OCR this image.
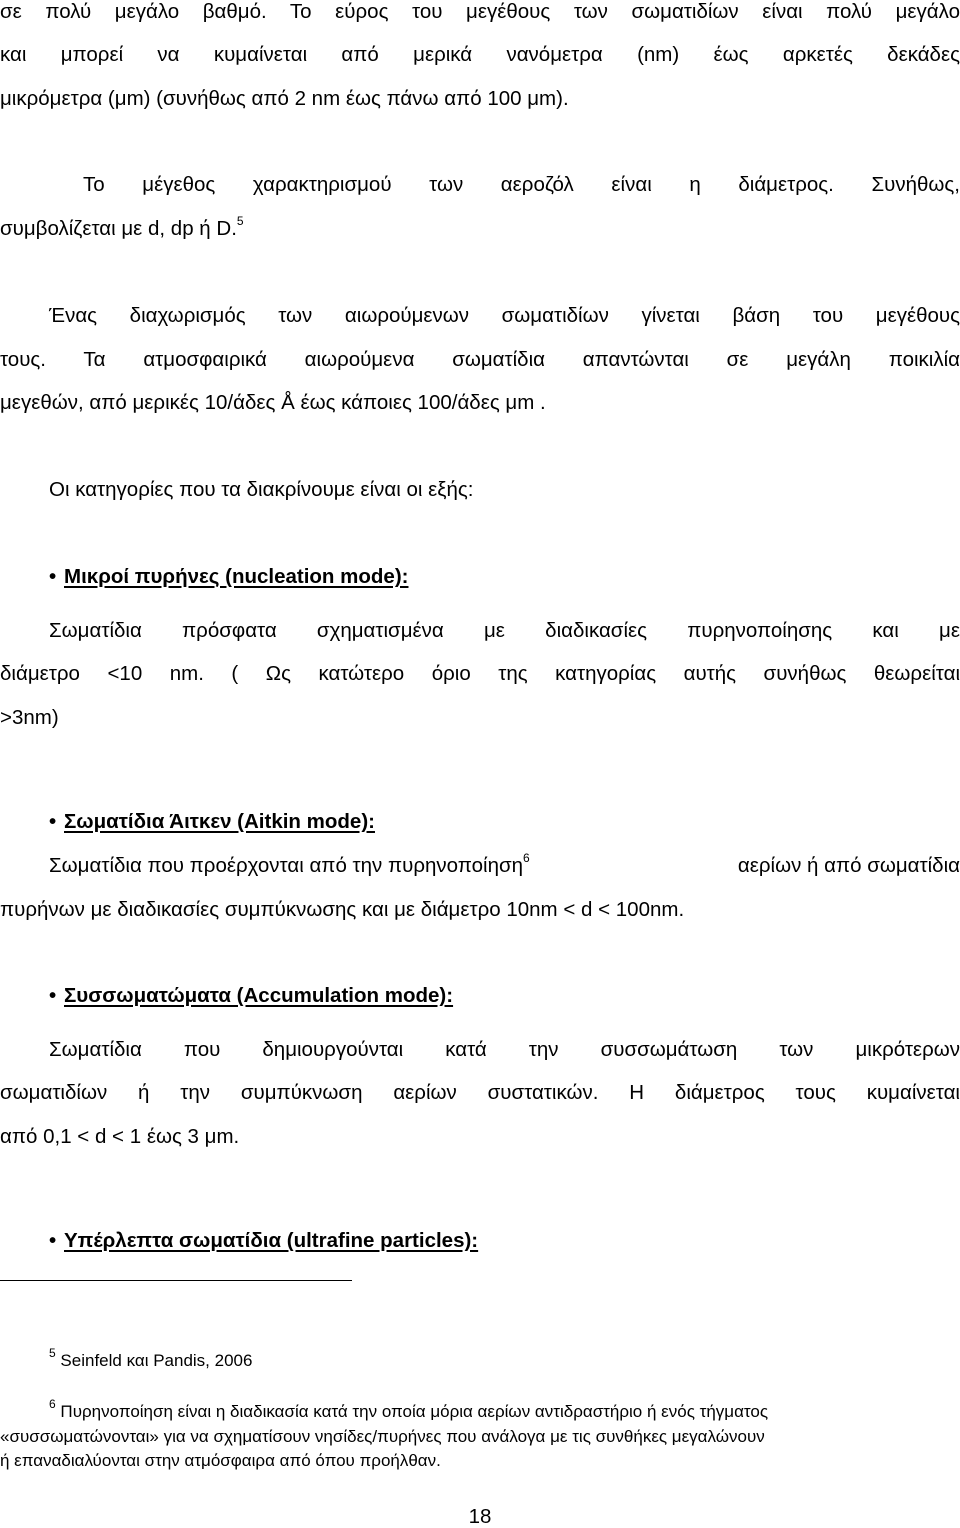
σε πολύ μεγάλο βαθμό. Το εύρος του μεγέθους των σωματιδίων είναι πολύ μεγάλο
και μπορεί να κυμαίνεται από μερικά νανόμετρα (nm) έως αρκετές δεκάδες
μικρόμετρα (μm) (συνήθως από 2 nm έως πάνω από 100 μm).
Το μέγεθος χαρακτηρισμού των αεροζόλ είναι η διάμετρος. Συνήθως,
συμβολίζεται με d, dp ή D.$^5$
Ένας διαχωρισμός των αιωρούμενων σωματιδίων γίνεται βάση του μεγέθους
τους. Τα ατμοσφαιρικά αιωρούμενα σωματίδια απαντώνται σε μεγάλη ποικιλία
μεγεθών, από μερικές 10/άδες Å έως κάποιες 100/άδες μm .
Οι κατηγορίες που τα διακρίνουμε είναι οι εξής:
• Μικροί πυρήνες (nucleation mode):
Σωματίδια πρόσφατα σχηματισμένα με διαδικασίες πυρηνοποίησης και με
διάμετρο <10 nm. ( Ως κατώτερο όριο της κατηγορίας αυτής συνήθως θεωρείται
>3nm)
• Σωματίδια Άιτκεν (Aitkin mode):
Σωματίδια που προέρχονται από την πυρηνοποίηση$^6$	αερίων ή από σωματίδια
πυρήνων με διαδικασίες συμπύκνωσης και με διάμετρο 10nm < d < 100nm.
• Συσσωματώματα (Accumulation mode):
Σωματίδια που δημιουργούνται κατά την συσσωμάτωση των μικρότερων
σωματιδίων ή την συμπύκνωση αερίων συστατικών. Η διάμετρος τους κυμαίνεται
από 0,1 < d < 1 έως 3 μm.
• Υπέρλεπτα σωματίδια (ultrafine particles):
$^5$ Seinfeld και Pandis, 2006
$^6$ Πυρηνοποίηση είναι η διαδικασία κατά την οποία μόρια αερίων αντιδραστήριο ή ενός τήγματος
«συσσωματώνονται» για να σχηματίσουν νησίδες/πυρήνες που ανάλογα με τις συνθήκες μεγαλώνουν
ή επαναδιαλύονται στην ατμόσφαιρα από όπου προήλθαν.
18
